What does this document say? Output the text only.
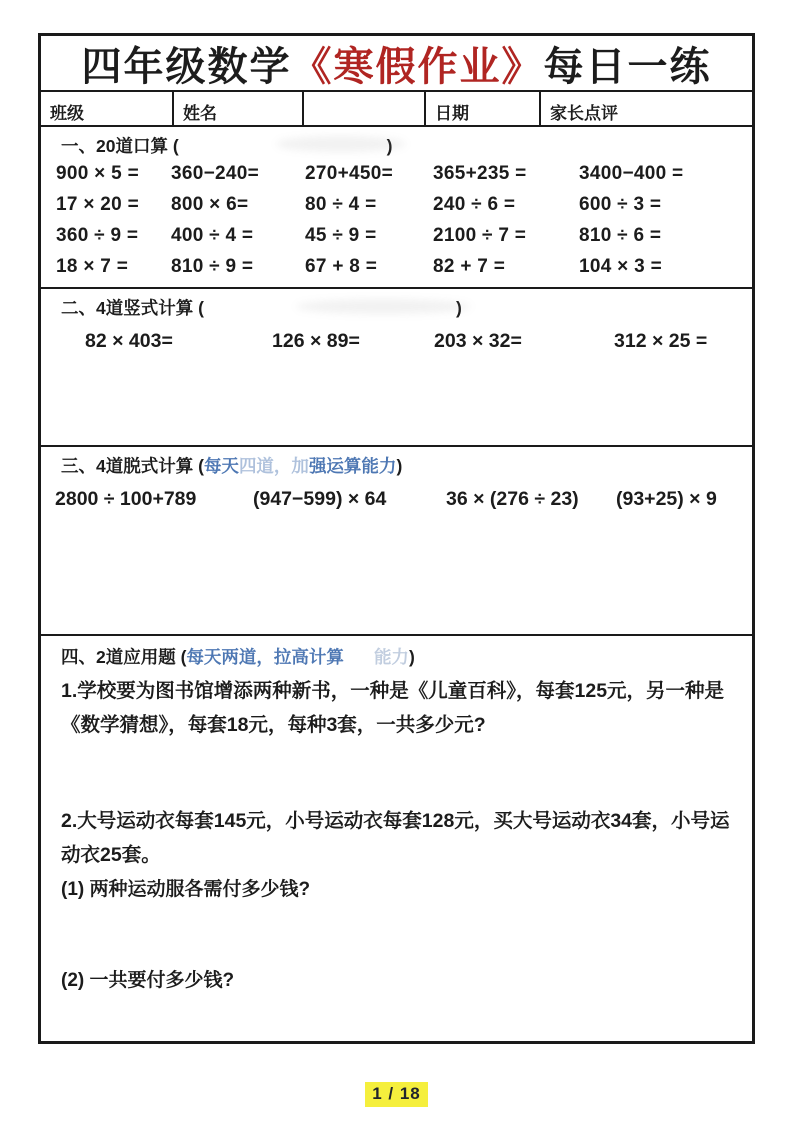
四年级数学 《寒假作业》 每日一练
班级	姓名	日期	家长点评
一、20道口算 (	)
900 × 5 =	360−240=	270+450=	365+235 =	3400−400 =
17 × 20 =	800 × 6=	80 ÷ 4 =	240 ÷ 6 =	600 ÷ 3 =
360 ÷ 9 =	400 ÷ 4 =	45 ÷ 9 =	2100 ÷ 7 =	810 ÷ 6 =
18 × 7 =	810 ÷ 9 =	67 + 8 =	82 + 7 =	104 × 3 =
二、4道竖式计算 (	)
82 × 403=	126 × 89=	203 × 32=	312 × 25 =
三、4道脱式计算 (每天四道，加强运算能力)
2800 ÷ 100+789	(947−599) × 64	36 × (276 ÷ 23)	(93+25) × 9
四、2道应用题 (每天两道，拉高计算 能力)
1.学校要为图书馆增添两种新书，一种是《儿童百科》，每套125元，另一种是《数学猜想》，每套18元，每种3套，一共多少元?
2.大号运动衣每套145元，小号运动衣每套128元，买大号运动衣34套，小号运动衣25套。
(1) 两种运动服各需付多少钱?
(2) 一共要付多少钱?
1 / 18
